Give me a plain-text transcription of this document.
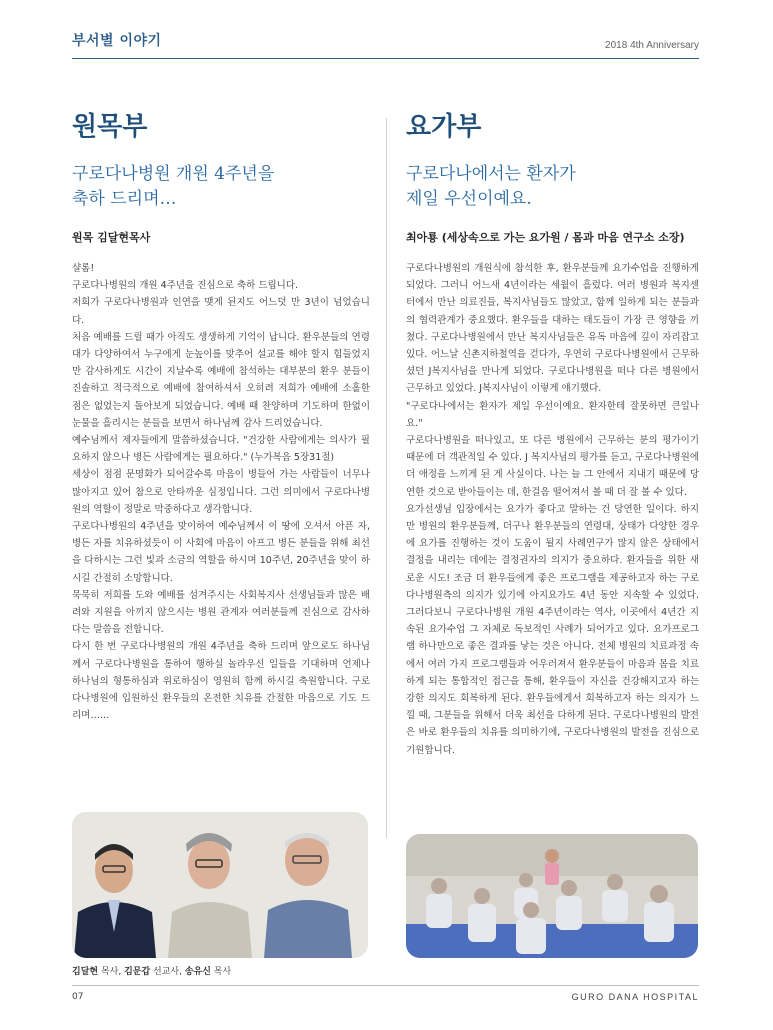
부서별 이야기	2018 4th Anniversary
원목부
구로다나병원 개원 4주년을
축하 드리며…
원목 김달현목사
샬롬!
구로다나병원의 개원 4주년을 진심으로 축하 드립니다.
저희가 구로다나병원과 인연을 맺게 된지도 어느덧 만 3년이 넘었습니다.
처음 예배를 드릴 때가 아직도 생생하게 기억이 납니다. 환우분들의 연령대가 다양하여서 누구에게 눈높이를 맞추어 설교를 해야 할지 힘들었지만 감사하게도 시간이 지날수록 예배에 참석하는 대부분의 환우 분들이 진솔하고 적극적으로 예배에 참여하셔서 오히려 저희가 예배에 소홀한 점은 없었는지 돌아보게 되었습니다. 예배 때 찬양하며 기도하며 한없이 눈물을 흘리시는 분들을 보면서 하나님께 감사 드리었습니다.
예수님께서 제자들에게 말씀하셨습니다. "건강한 사람에게는 의사가 필요하지 않으나 병든 사람에게는 필요하다." (누가복음 5장31절)
세상이 점점 문명화가 되어갈수록 마음이 병들어 가는 사람들이 너무나 많아지고 있어 참으로 안타까운 심정입니다. 그런 의미에서 구로다나병원의 역할이 정말로 막중하다고 생각합니다.
구로다나병원의 4주년을 맞이하여 예수님께서 이 땅에 오셔서 아픈 자, 병든 자를 치유하셨듯이 이 사회에 마음이 아프고 병든 분들을 위해 최선을 다하시는 그런 빛과 소금의 역할을 하시며 10주년, 20주년을 맞이 하시길 간절히 소망합니다.
묵묵히 저희를 도와 예배를 섬겨주시는 사회복지사 선생님들과 많은 배려와 지원을 아끼지 않으시는 병원 관계자 여러분들께 진심으로 감사하다는 말씀을 전합니다.
다시 한 번 구로다나병원의 개원 4주년을 축하 드리며 앞으로도 하나님께서 구로다나병원을 통하여 행하실 놀라우신 일들을 기대하며 언제나 하나님의 형통하심과 위로하심이 영원히 함께 하시길 축원합니다. 구로다나병원에 입원하신 환우들의 온전한 치유를 간절한 마음으로 기도 드리며……
요가부
구로다나에서는 환자가
제일 우선이예요.
최아룡 (세상속으로 가는 요가원 / 몸과 마음 연구소 소장)
구로다나병원의 개원식에 참석한 후, 환우분들께 요가수업을 진행하게 되었다. 그러니 어느새 4년이라는 세월이 흘렀다. 여러 병원과 복지센터에서 만난 의료진들, 복지사님들도 많았고, 함께 일하게 되는 분들과의 협력관계가 중요했다. 환우들을 대하는 태도들이 가장 큰 영향을 끼쳤다. 구로다나병원에서 만난 복지사님들은 유독 마음에 깊이 자리잡고 있다. 어느날 신촌지하철역을 걷다가, 우연히 구로다나병원에서 근무하셨던 J복지사님을 만나게 되었다. 구로다나병원을 떠나 다른 병원에서 근무하고 있었다. J복지사님이 이렇게 얘기했다.
"구로다나에서는 환자가 제일 우선이예요. 환자한테 잘못하면 큰일나요."
구로다나병원을 떠나있고, 또 다른 병원에서 근무하는 분의 평가이기 때문에 더 객관적일 수 있다. J 복지사님의 평가를 듣고, 구로다나병원에 더 애정을 느끼게 된 게 사실이다. 나는 늘 그 안에서 지내기 때문에 당연한 것으로 받아들이는 데, 한걸음 떨어져서 볼 때 더 잘 볼 수 있다.
요가선생님 입장에서는 요가가 좋다고 말하는 건 당연한 일이다. 하지만 병원의 환우분들께, 더구나 환우분들의 연령대, 상태가 다양한 경우에 요가를 진행하는 것이 도움이 될지 사례연구가 많지 않은 상태에서 결정을 내리는 데에는 결정권자의 의지가 중요하다. 환자들을 위한 새로운 시도! 조금 더 환우들에게 좋은 프로그램을 제공하고자 하는 구로다나병원측의 의지가 있기에 아지요가도 4년 동안 지속할 수 있었다. 그러다보니 구로다나병원 개원 4주년이라는 역사, 이곳에서 4년간 지속된 요가수업 그 자체로 독보적인 사례가 되어가고 있다. 요가프로그램 하나만으로 좋은 결과를 낳는 것은 아니다. 전체 병원의 치료과정 속에서 여러 가지 프로그램들과 어우러져서 환우분들이 마음과 몸을 치료하게 되는 통합적인 접근을 통해, 환우들이 자신을 건강해지고자 하는 강한 의지도 회복하게 된다. 환우들에게서 회복하고자 하는 의지가 느낄 때, 그분들을 위해서 더욱 최선을 다하게 된다. 구로다나병원의 발전은 바로 환우들의 치유를 의미하기에, 구로다나병원의 발전을 진심으로 기원합니다.
김달현 목사, 김문갑 선교사, 송유신 목사
07	GURO DANA HOSPITAL
